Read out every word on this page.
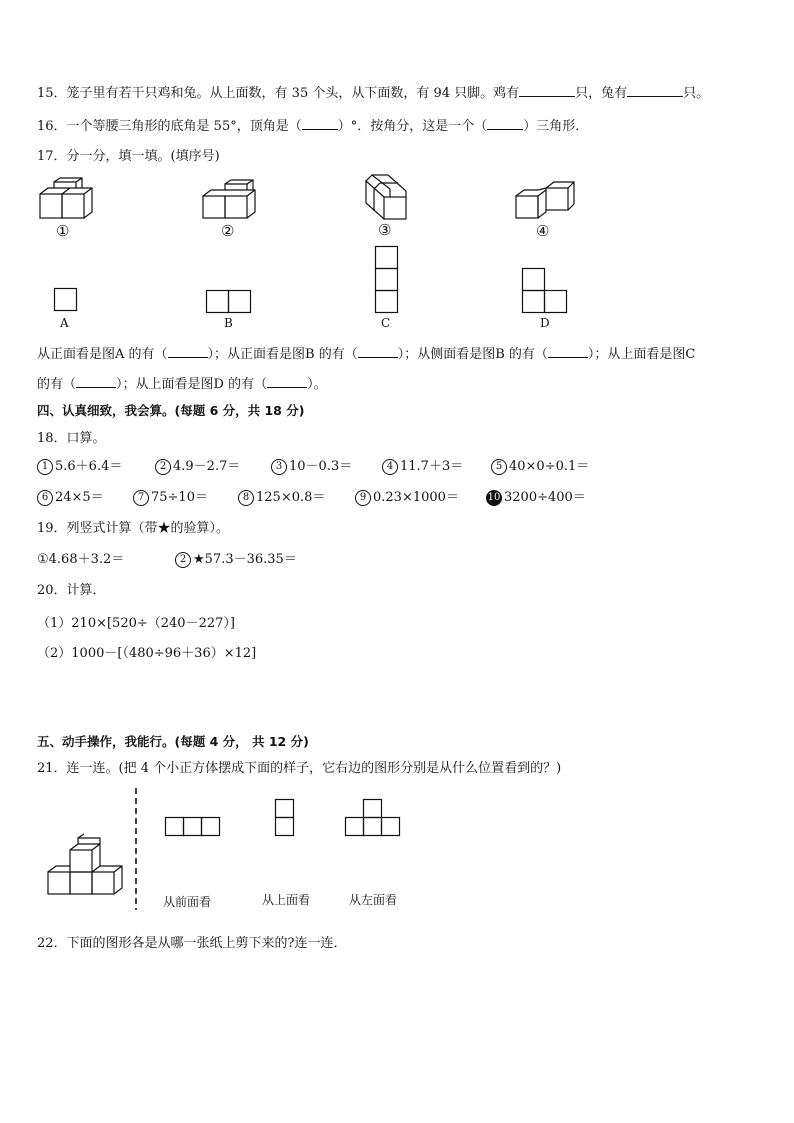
15．笼子里有若干只鸡和兔。从上面数，有 35 个头，从下面数，有 94 只脚。鸡有	只，兔有	只。
16．一个等腰三角形的底角是 55°，顶角是（	）°．按角分，这是一个（	）三角形．
17．分一分，填一填。(填序号)
①	②	③	④
A	B	C	D
从正面看是图A 的有（	）；从正面看是图B 的有（	）；从侧面看是图B 的有（	）；从上面看是图C
的有（	）；从上面看是图D 的有（	）。
四、认真细致，我会算。(每题 6 分，共 18 分)
18．口算。
1 5.6＋6.4＝	2 4.9－2.7＝	3 10－0.3＝	4 11.7＋3＝	5 40×0÷0.1＝
6 24×5＝	7 75÷10＝	8 125×0.8＝	9 0.23×1000＝	10 3200÷400＝
19．列竖式计算（带★的验算）。
①4.68＋3.2＝	2 ★57.3－36.35＝
20．计算．
（1）210×[520÷（240－227）]
（2）1000－[（480÷96＋36）×12]
五、动手操作，我能行。(每题 4 分， 共 12 分)
21．连一连。(把 4 个小正方体摆成下面的样子，它右边的图形分别是从什么位置看到的？)
从前面看	从上面看	从左面看
22．下面的图形各是从哪一张纸上剪下来的?连一连．
